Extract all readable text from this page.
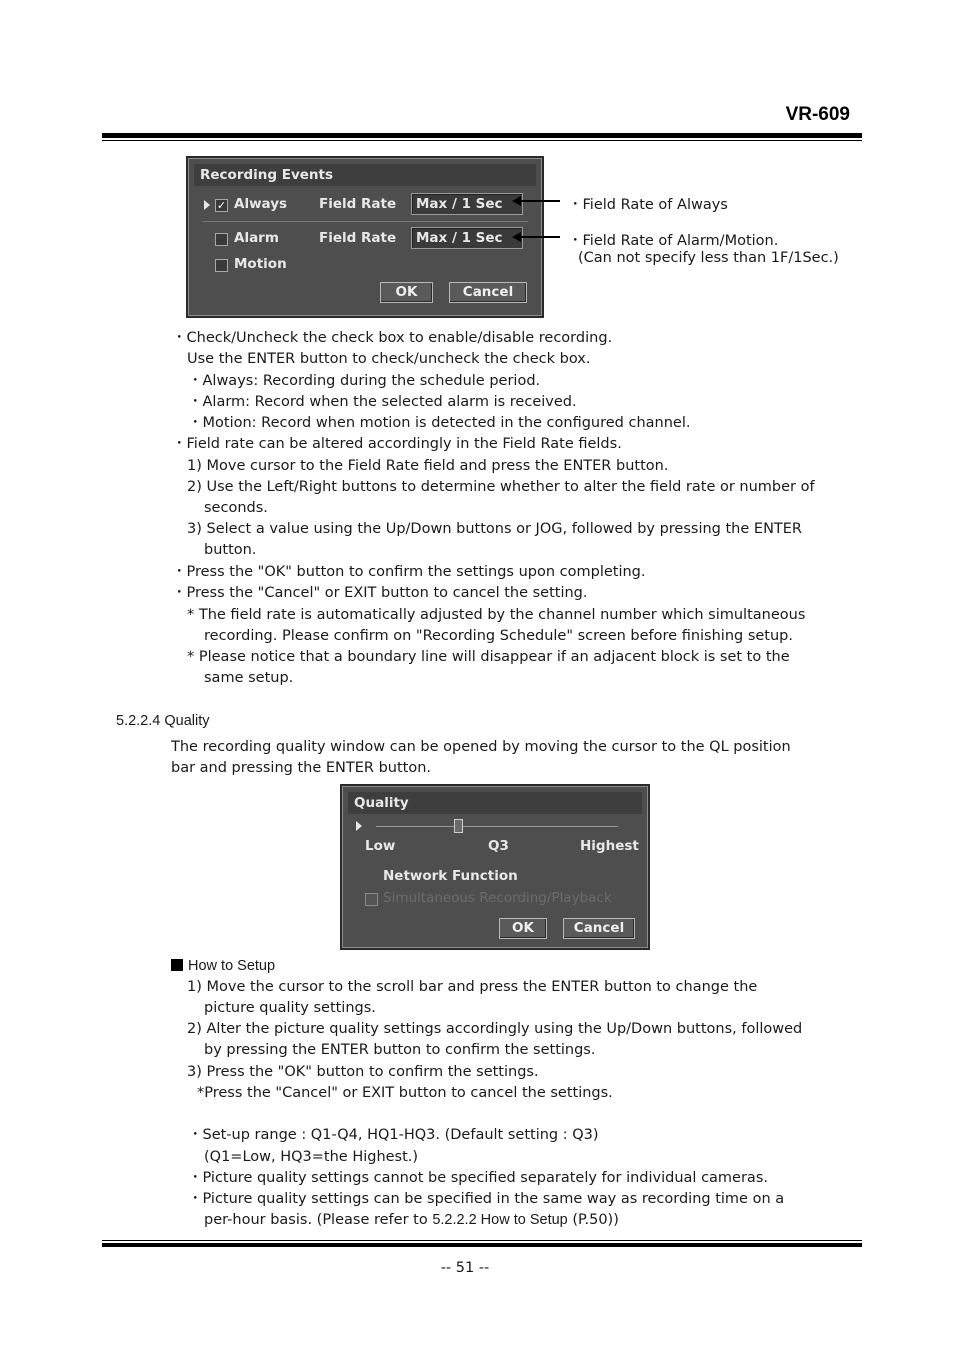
VR-609
Recording Events
✓ Always Field Rate	Max / 1 Sec
Alarm	Field Rate	Max / 1 Sec
Motion
OK	Cancel
・Field Rate of Always
・Field Rate of Alarm/Motion.
(Can not specify less than 1F/1Sec.)
・Check/Uncheck the check box to enable/disable recording.
Use the ENTER button to check/uncheck the check box.
・Always: Recording during the schedule period.
・Alarm: Record when the selected alarm is received.
・Motion: Record when motion is detected in the configured channel.
・Field rate can be altered accordingly in the Field Rate fields.
1) Move cursor to the Field Rate field and press the ENTER button.
2) Use the Left/Right buttons to determine whether to alter the field rate or number of
seconds.
3) Select a value using the Up/Down buttons or JOG, followed by pressing the ENTER
button.
・Press the "OK" button to confirm the settings upon completing.
・Press the "Cancel" or EXIT button to cancel the setting.
* The field rate is automatically adjusted by the channel number which simultaneous
recording. Please confirm on "Recording Schedule" screen before finishing setup.
* Please notice that a boundary line will disappear if an adjacent block is set to the
same setup.
5.2.2.4 Quality
The recording quality window can be opened by moving the cursor to the QL position
bar and pressing the ENTER button.
Quality
Low	Q3	Highest
Network Function
Simultaneous Recording/Playback
OK	Cancel
How to Setup
1) Move the cursor to the scroll bar and press the ENTER button to change the
picture quality settings.
2) Alter the picture quality settings accordingly using the Up/Down buttons, followed
by pressing the ENTER button to confirm the settings.
3) Press the "OK" button to confirm the settings.
*Press the "Cancel" or EXIT button to cancel the settings.
・Set-up range : Q1-Q4, HQ1-HQ3. (Default setting : Q3)
(Q1=Low, HQ3=the Highest.)
・Picture quality settings cannot be specified separately for individual cameras.
・Picture quality settings can be specified in the same way as recording time on a
per-hour basis. (Please refer to 5.2.2.2 How to Setup (P.50))
-- 51 --
